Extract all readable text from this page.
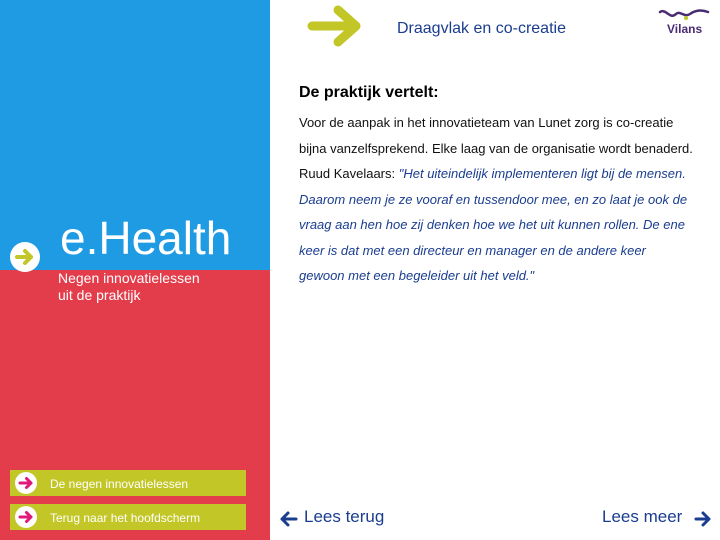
e.Health
Negen innovatielessen uit de praktijk
De negen innovatielessen
Terug naar het hoofdscherm
Draagvlak en co-creatie	Vilans
De praktijk vertelt:
Voor de aanpak in het innovatieteam van Lunet zorg is co-creatie bijna vanzelfsprekend. Elke laag van de organisatie wordt benaderd. Ruud Kavelaars: "Het uiteindelijk implementeren ligt bij de mensen. Daarom neem je ze vooraf en tussendoor mee, en zo laat je ook de vraag aan hen hoe zij denken hoe we het uit kunnen rollen. De ene keer is dat met een directeur en manager en de andere keer gewoon met een begeleider uit het veld."
Lees terug	Lees meer
